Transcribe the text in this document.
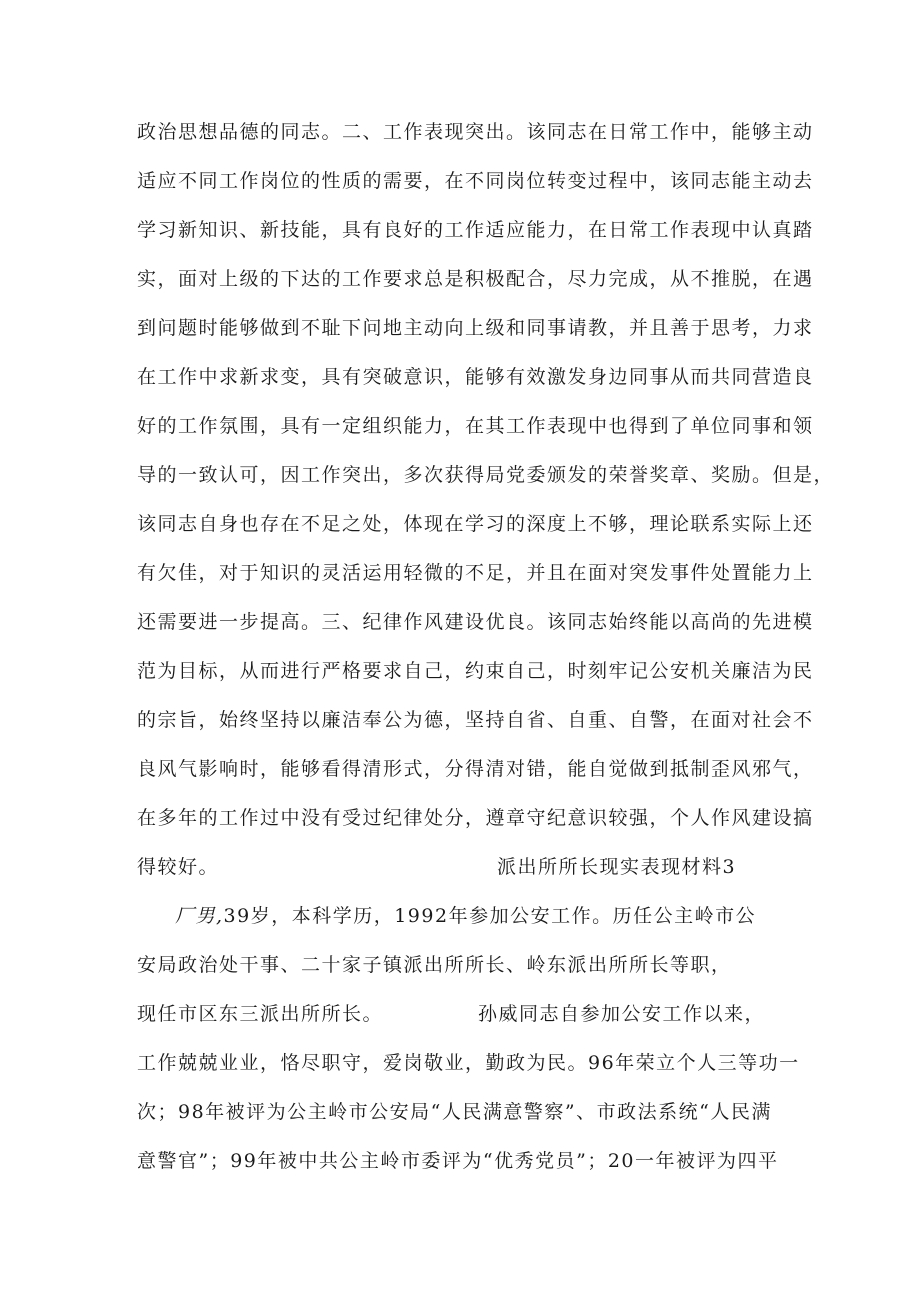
政治思想品德的同志。二、工作表现突出。该同志在日常工作中，能够主动
适应不同工作岗位的性质的需要，在不同岗位转变过程中，该同志能主动去
学习新知识、新技能，具有良好的工作适应能力，在日常工作表现中认真踏
实，面对上级的下达的工作要求总是积极配合，尽力完成，从不推脱，在遇
到问题时能够做到不耻下问地主动向上级和同事请教，并且善于思考，力求
在工作中求新求变，具有突破意识，能够有效激发身边同事从而共同营造良
好的工作氛围，具有一定组织能力，在其工作表现中也得到了单位同事和领
导的一致认可，因工作突出，多次获得局党委颁发的荣誉奖章、奖励。但是，
该同志自身也存在不足之处，体现在学习的深度上不够，理论联系实际上还
有欠佳，对于知识的灵活运用轻微的不足，并且在面对突发事件处置能力上
还需要进一步提高。三、纪律作风建设优良。该同志始终能以高尚的先进模
范为目标，从而进行严格要求自己，约束自己，时刻牢记公安机关廉洁为民
的宗旨，始终坚持以廉洁奉公为德，坚持自省、自重、自警，在面对社会不
良风气影响时，能够看得清形式，分得清对错，能自觉做到抵制歪风邪气，
在多年的工作过中没有受过纪律处分，遵章守纪意识较强，个人作风建设搞
得较好。	派出所所长现实表现材料3
厂男,39岁，本科学历，1992年参加公安工作。历任公主岭市公
安局政治处干事、二十家子镇派出所所长、岭东派出所所长等职，
现任市区东三派出所所长。	孙威同志自参加公安工作以来，
工作兢兢业业，恪尽职守，爱岗敬业，勤政为民。96年荣立个人三等功一
次；98年被评为公主岭市公安局“人民满意警察”、市政法系统“人民满
意警官”；99年被中共公主岭市委评为“优秀党员”；20一年被评为四平
